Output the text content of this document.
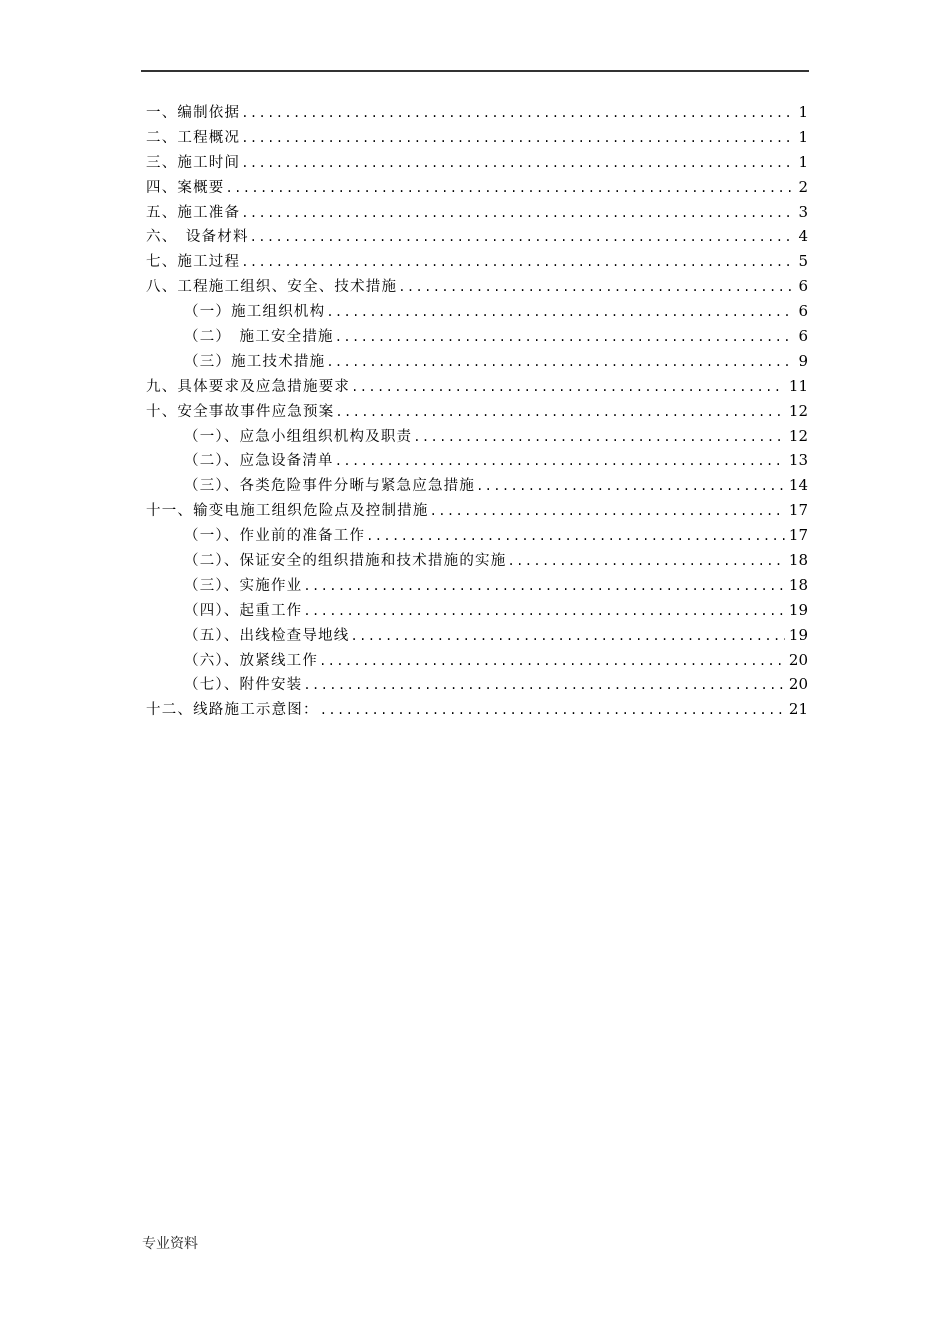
一、编制依据 .....	1
二、工程概况 .....	1
三、施工时间 .....	1
四、案概要 .....	2
五、施工准备 .....	3
六、　设备材料 .....	4
七、施工过程 .....	5
八、工程施工组织、安全、技术措施 .....	6
（一）施工组织机构 .....	6
（二）　施工安全措施 .....	6
（三）施工技术措施 .....	9
九、具体要求及应急措施要求 .....	11
十、安全事故事件应急预案 .....	12
（一）、应急小组组织机构及职责 .....	12
（二）、应急设备清单 .....	13
（三）、各类危险事件分晰与紧急应急措施 .....	14
十一、输变电施工组织危险点及控制措施 .....	17
（一）、作业前的准备工作 .....	17
（二）、保证安全的组织措施和技术措施的实施 .....	18
（三）、实施作业 .....	18
（四）、起重工作 .....	19
（五）、出线检查导地线 .....	19
（六）、放紧线工作 .....	20
（七）、附件安装 .....	20
十二、线路施工示意图： .....	21
专业资料
